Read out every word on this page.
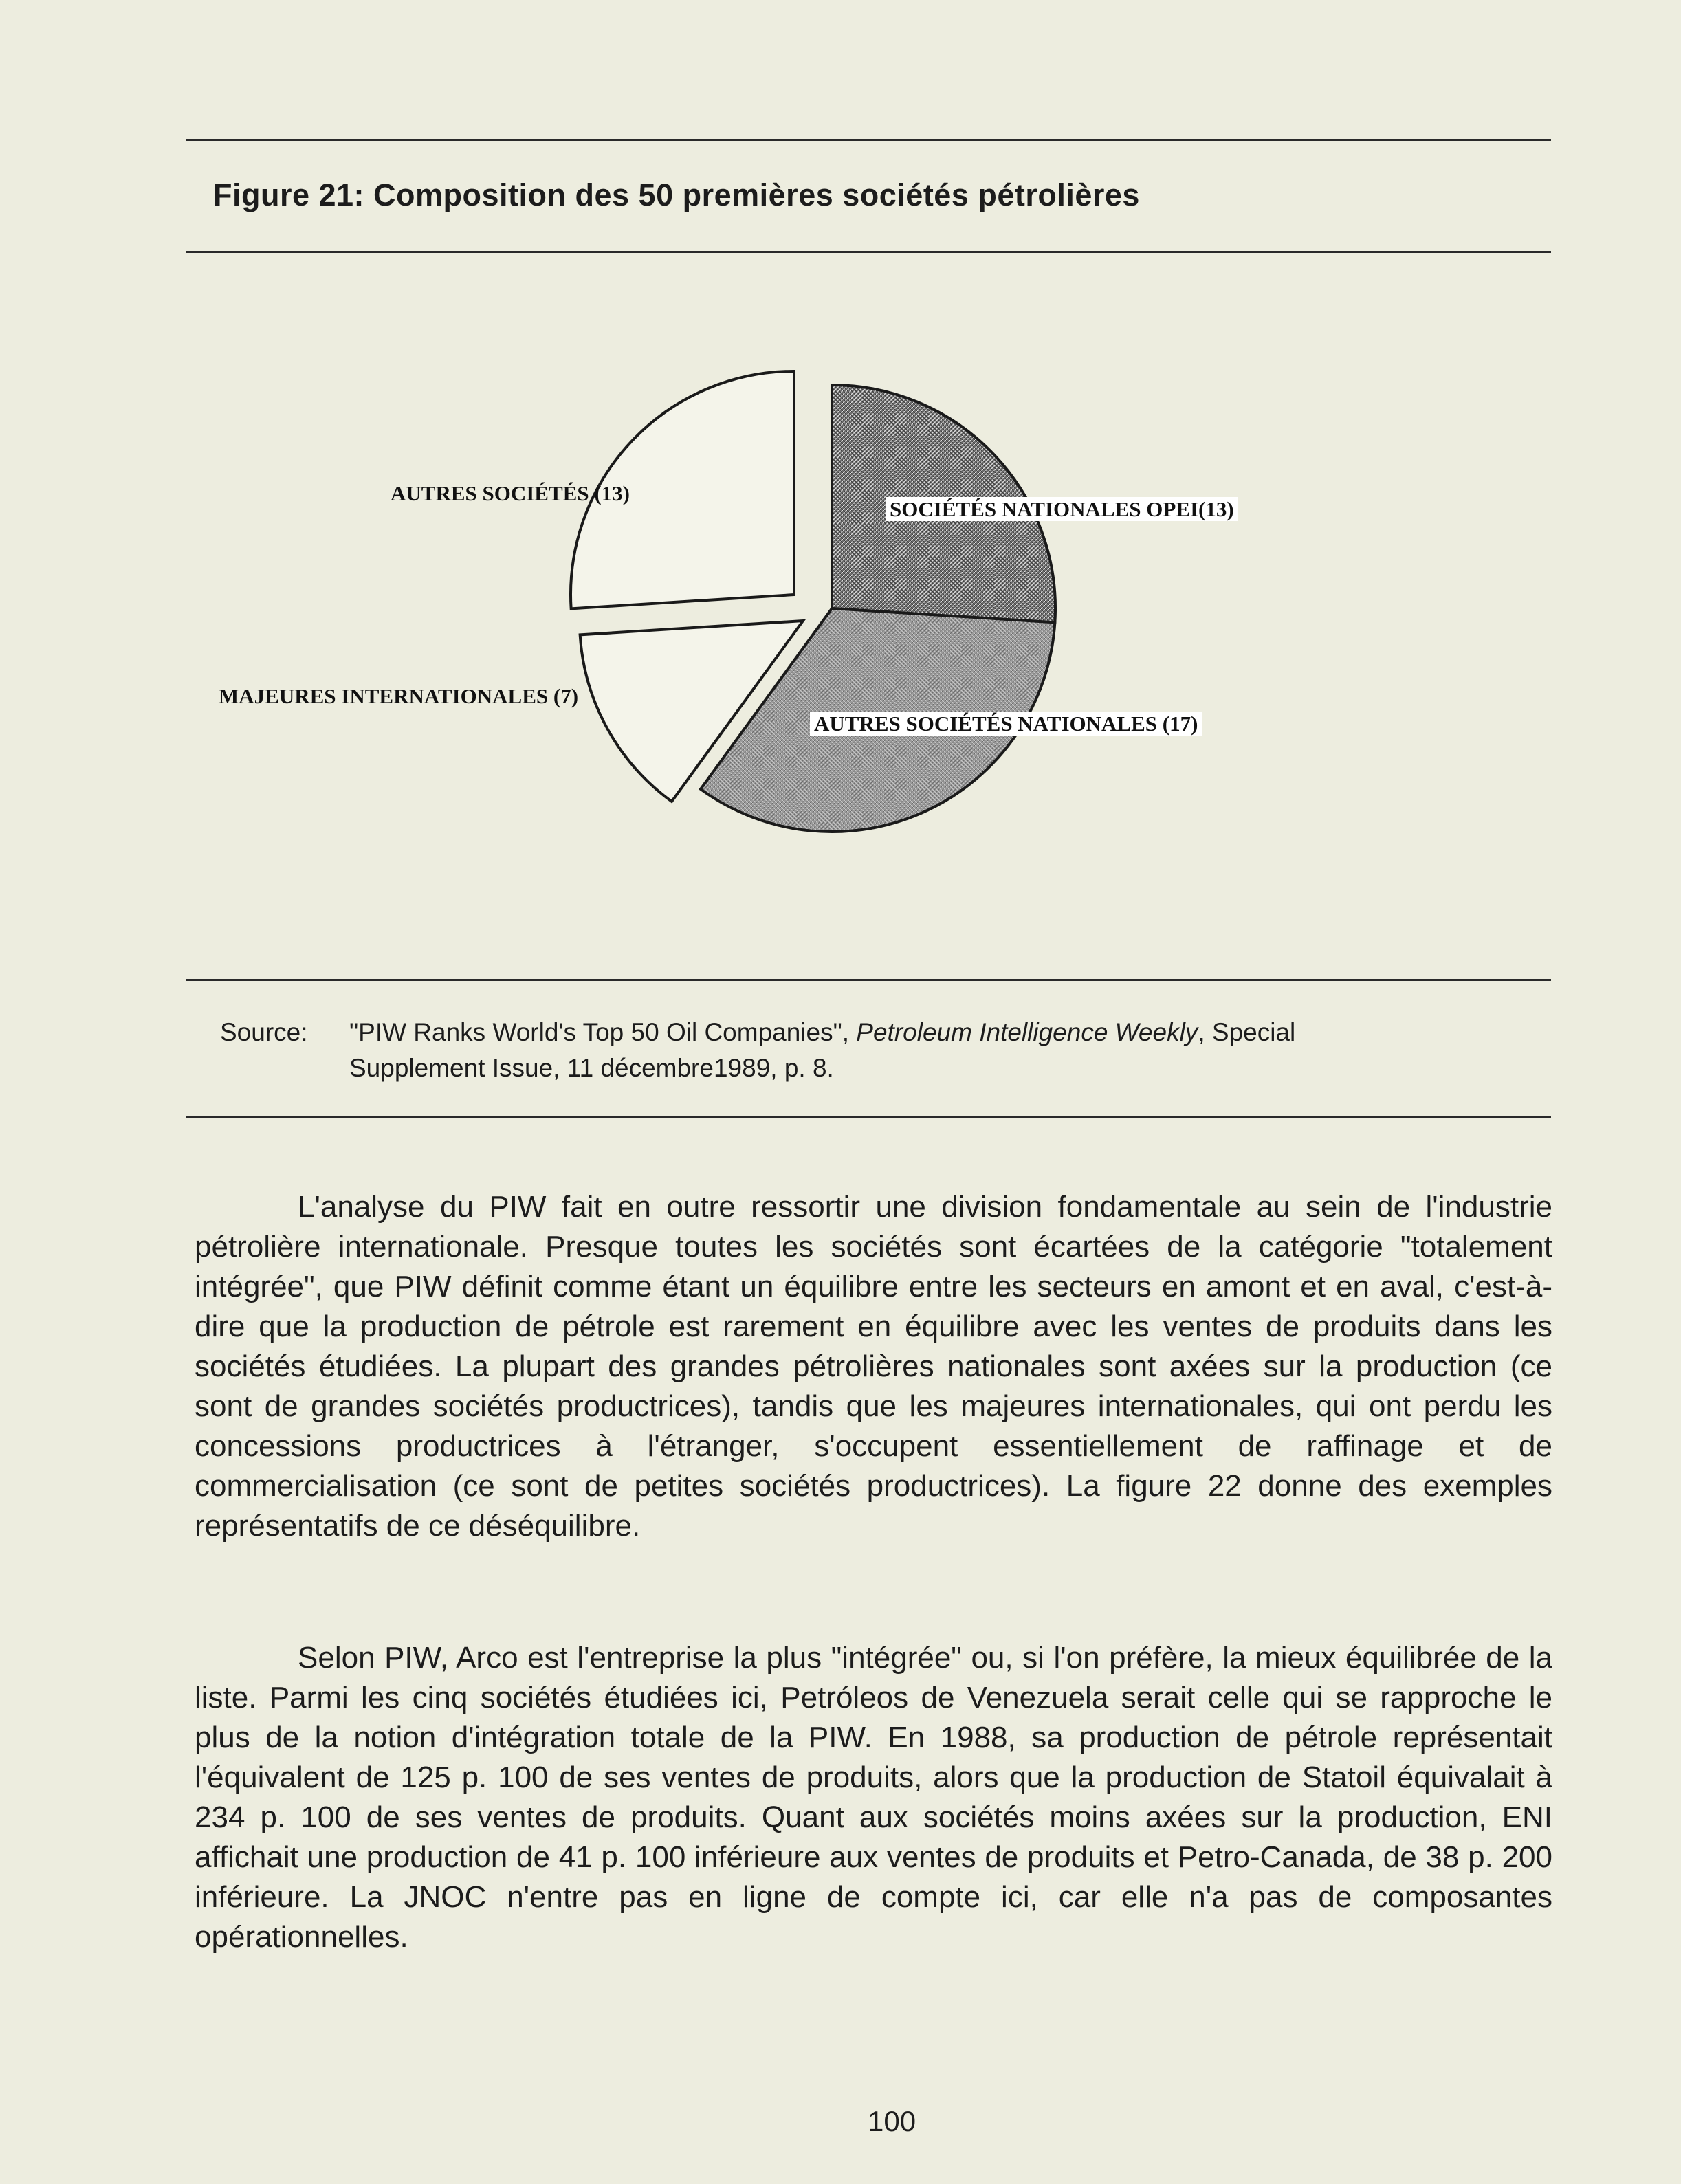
Figure 21: Composition des 50 premières sociétés pétrolières
AUTRES SOCIÉTÉS (13)
SOCIÉTÉS NATIONALES OPEI(13)
MAJEURES INTERNATIONALES (7)
AUTRES SOCIÉTÉS NATIONALES (17)
Source: "PIW Ranks World's Top 50 Oil Companies", Petroleum Intelligence Weekly, Special
Supplement Issue, 11 décembre1989, p. 8.

L'analyse du PIW fait en outre ressortir une division fondamentale au sein de l'industrie pétrolière internationale. Presque toutes les sociétés sont écartées de la catégorie "totalement intégrée", que PIW définit comme étant un équilibre entre les secteurs en amont et en aval, c'est-à-dire que la production de pétrole est rarement en équilibre avec les ventes de produits dans les sociétés étudiées. La plupart des grandes pétrolières nationales sont axées sur la production (ce sont de grandes sociétés productrices), tandis que les majeures internationales, qui ont perdu les concessions productrices à l'étranger, s'occupent essentiellement de raffinage et de commercialisation (ce sont de petites sociétés productrices). La figure 22 donne des exemples représentatifs de ce déséquilibre.

Selon PIW, Arco est l'entreprise la plus "intégrée" ou, si l'on préfère, la mieux équilibrée de la liste. Parmi les cinq sociétés étudiées ici, Petróleos de Venezuela serait celle qui se rapproche le plus de la notion d'intégration totale de la PIW. En 1988, sa production de pétrole représentait l'équivalent de 125 p. 100 de ses ventes de produits, alors que la production de Statoil équivalait à 234 p. 100 de ses ventes de produits. Quant aux sociétés moins axées sur la production, ENI affichait une production de 41 p. 100 inférieure aux ventes de produits et Petro-Canada, de 38 p. 200 inférieure. La JNOC n'entre pas en ligne de compte ici, car elle n'a pas de composantes opérationnelles.

100
